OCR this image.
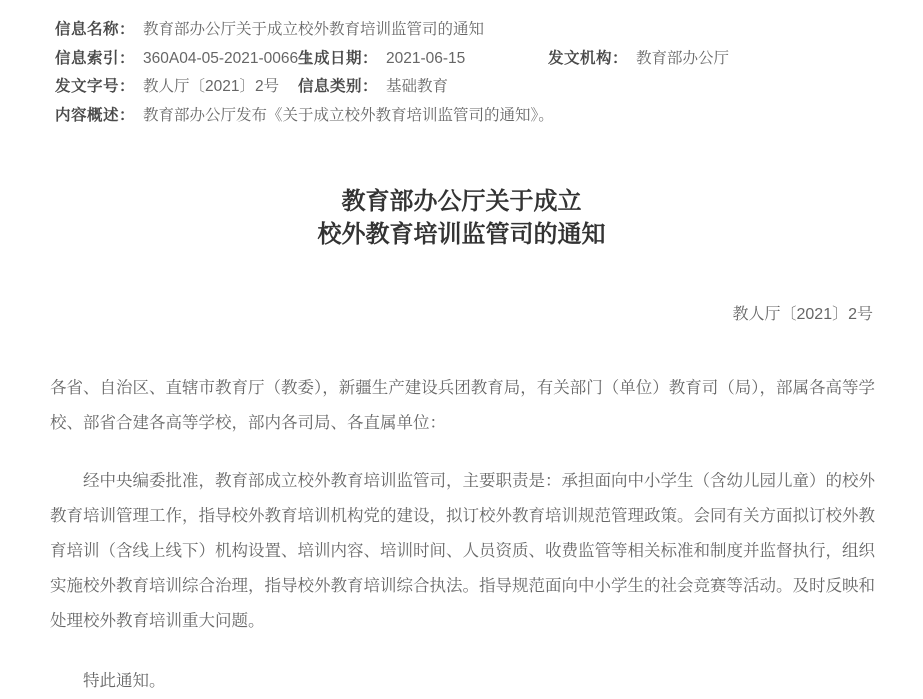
信息名称： 教育部办公厅关于成立校外教育培训监管司的通知
信息索引： 360A04-05-2021-0066-1生成日期： 2021-06-15	发文机构： 教育部办公厅
发文字号： 教人厅〔2021〕2号 信息类别： 基础教育
内容概述： 教育部办公厅发布《关于成立校外教育培训监管司的通知》。
教育部办公厅关于成立
校外教育培训监管司的通知
教人厅〔2021〕2号

各省、自治区、直辖市教育厅（教委），新疆生产建设兵团教育局，有关部门（单位）教育司（局），部属各高等学校、部省合建各高等学校，部内各司局、各直属单位：

经中央编委批准，教育部成立校外教育培训监管司，主要职责是：承担面向中小学生（含幼儿园儿童）的校外教育培训管理工作，指导校外教育培训机构党的建设，拟订校外教育培训规范管理政策。会同有关方面拟订校外教育培训（含线上线下）机构设置、培训内容、培训时间、人员资质、收费监管等相关标准和制度并监督执行，组织实施校外教育培训综合治理，指导校外教育培训综合执法。指导规范面向中小学生的社会竞赛等活动。及时反映和处理校外教育培训重大问题。

特此通知。
